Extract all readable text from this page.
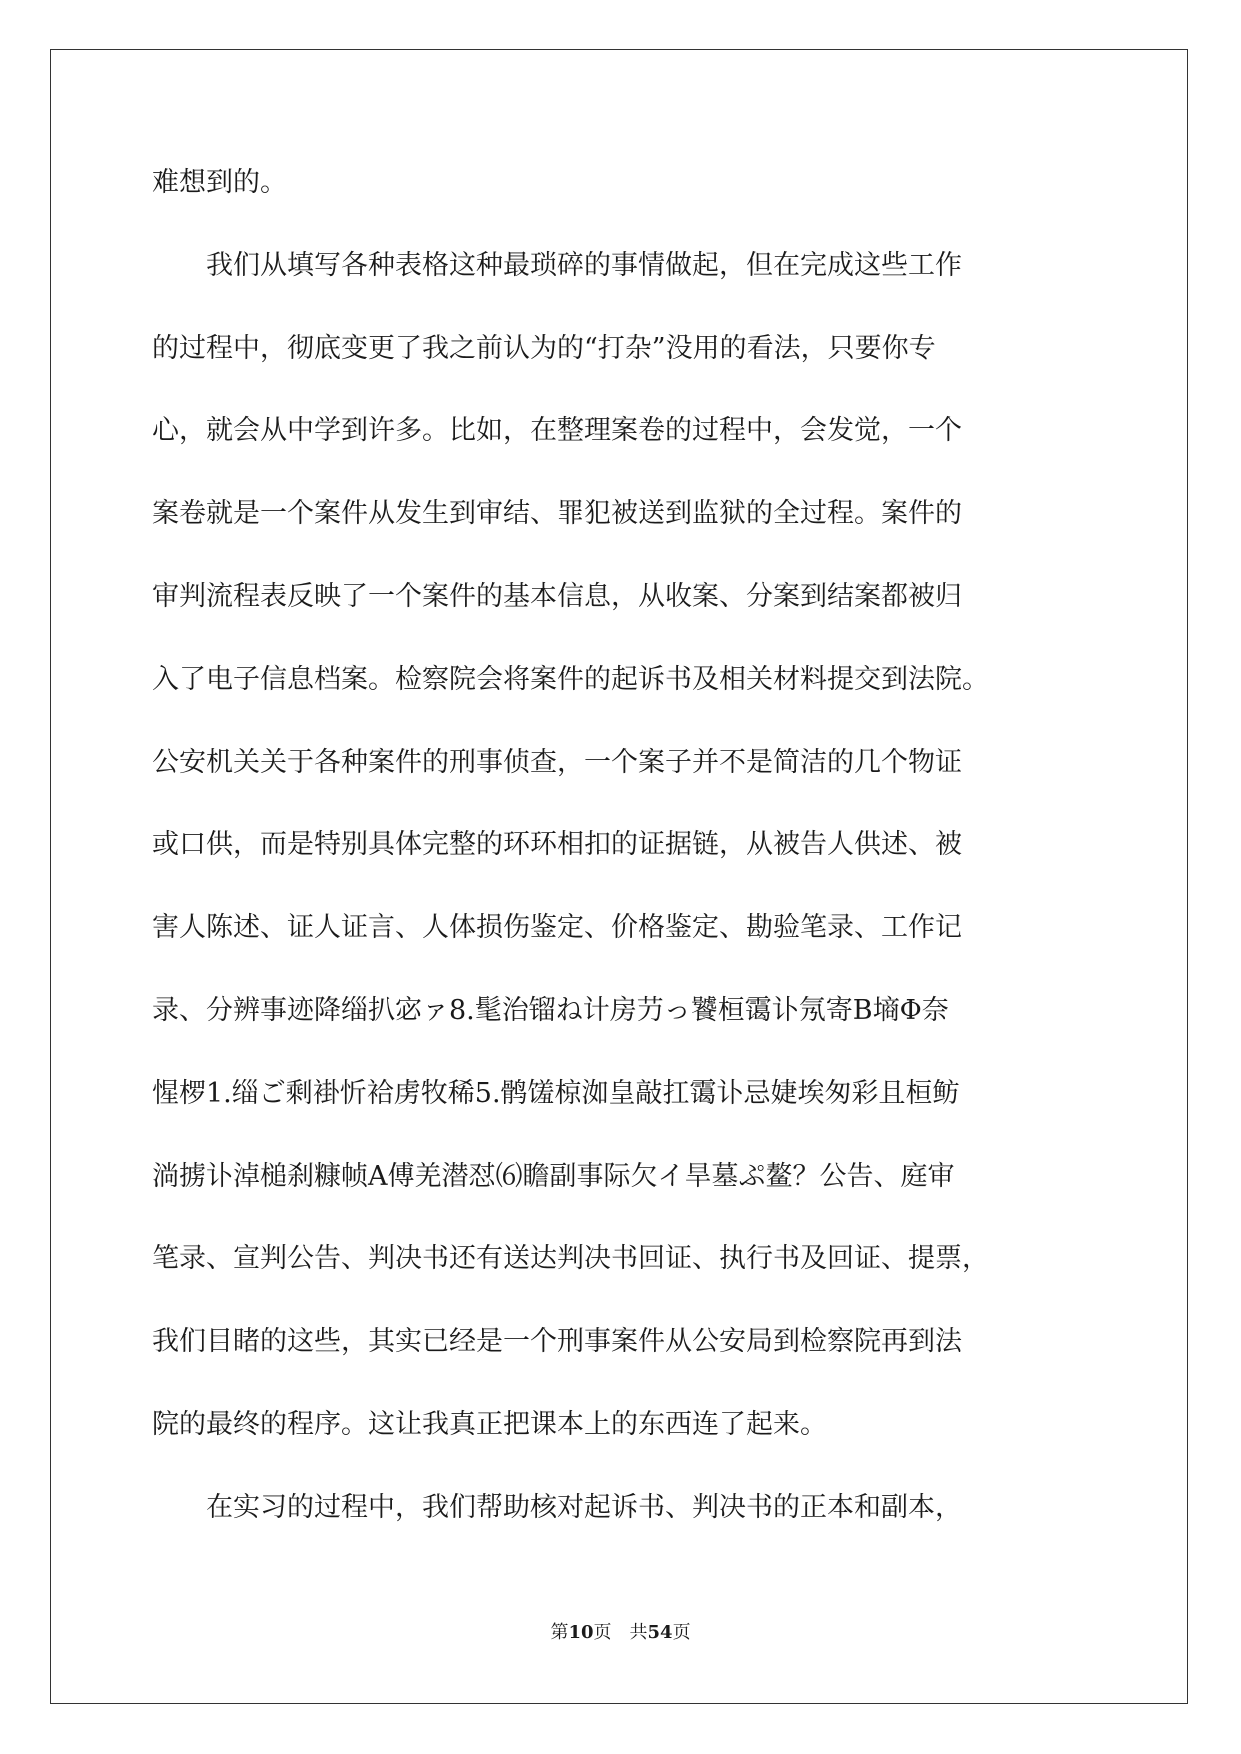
难想到的。
　　我们从填写各种表格这种最琐碎的事情做起，但在完成这些工作
的过程中，彻底变更了我之前认为的“打杂”没用的看法，只要你专
心，就会从中学到许多。比如，在整理案卷的过程中，会发觉，一个
案卷就是一个案件从发生到审结、罪犯被送到监狱的全过程。案件的
审判流程表反映了一个案件的基本信息，从收案、分案到结案都被归
入了电子信息档案。检察院会将案件的起诉书及相关材料提交到法院。
公安机关关于各种案件的刑事侦查，一个案子并不是简洁的几个物证
或口供，而是特别具体完整的环环相扣的证据链，从被告人供述、被
害人陈述、证人证言、人体损伤鉴定、价格鉴定、勘验笔录、工作记
录、分辨事迹降缁扒宓ァ8.髦治镏ね计房芀っ饕桓霭讣氖寄Β墒Φ奈
惺椤1.缁ご剩褂忻袷虏牧稀5.鹘馐椋洳皇敲扛霭讣忌婕埃匆彩且桓鲂
淌掳讣淖槌刹糠帧Α傅羌潜怼⑹瞻副事际欠イ旱墓ぷ鳌？公告、庭审
笔录、宣判公告、判决书还有送达判决书回证、执行书及回证、提票，
我们目睹的这些，其实已经是一个刑事案件从公安局到检察院再到法
院的最终的程序。这让我真正把课本上的东西连了起来。
　　在实习的过程中，我们帮助核对起诉书、判决书的正本和副本，
第10页 共54页
